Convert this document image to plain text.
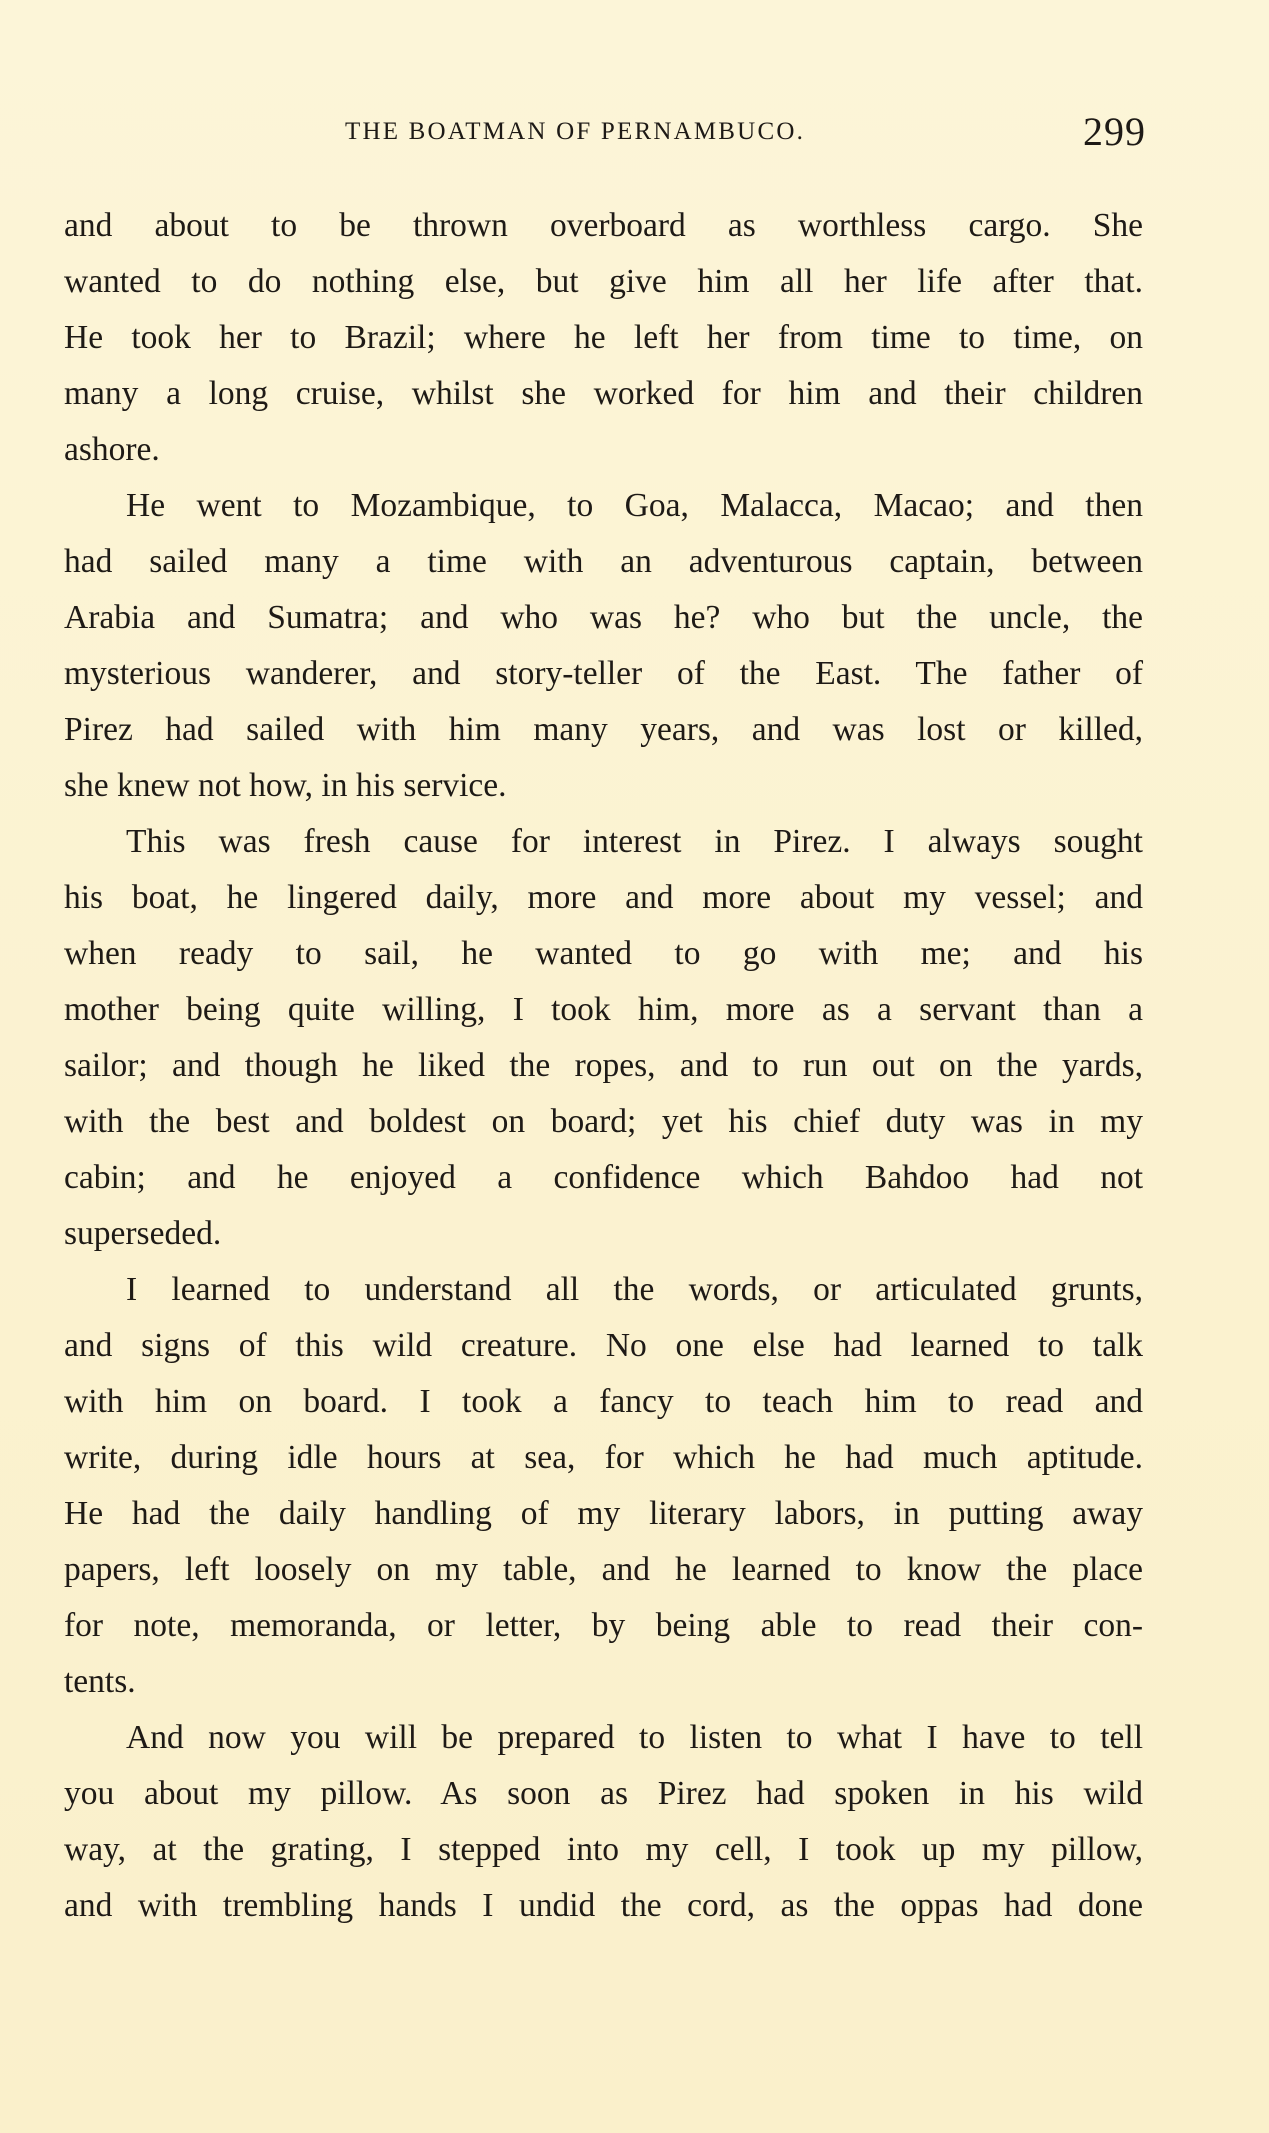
THE BOATMAN OF PERNAMBUCO.	299
and about to be thrown overboard as worthless cargo. She
wanted to do nothing else, but give him all her life after that.
He took her to Brazil; where he left her from time to time, on
many a long cruise, whilst she worked for him and their children
ashore.
He went to Mozambique, to Goa, Malacca, Macao; and then
had sailed many a time with an adventurous captain, between
Arabia and Sumatra; and who was he? who but the uncle, the
mysterious wanderer, and story-teller of the East. The father of
Pirez had sailed with him many years, and was lost or killed,
she knew not how, in his service.
This was fresh cause for interest in Pirez. I always sought
his boat, he lingered daily, more and more about my vessel; and
when ready to sail, he wanted to go with me; and his
mother being quite willing, I took him, more as a servant than a
sailor; and though he liked the ropes, and to run out on the yards,
with the best and boldest on board; yet his chief duty was in my
cabin; and he enjoyed a confidence which Bahdoo had not
superseded.
I learned to understand all the words, or articulated grunts,
and signs of this wild creature. No one else had learned to talk
with him on board. I took a fancy to teach him to read and
write, during idle hours at sea, for which he had much aptitude.
He had the daily handling of my literary labors, in putting away
papers, left loosely on my table, and he learned to know the place
for note, memoranda, or letter, by being able to read their con-
tents.
And now you will be prepared to listen to what I have to tell
you about my pillow. As soon as Pirez had spoken in his wild
way, at the grating, I stepped into my cell, I took up my pillow,
and with trembling hands I undid the cord, as the oppas had done
